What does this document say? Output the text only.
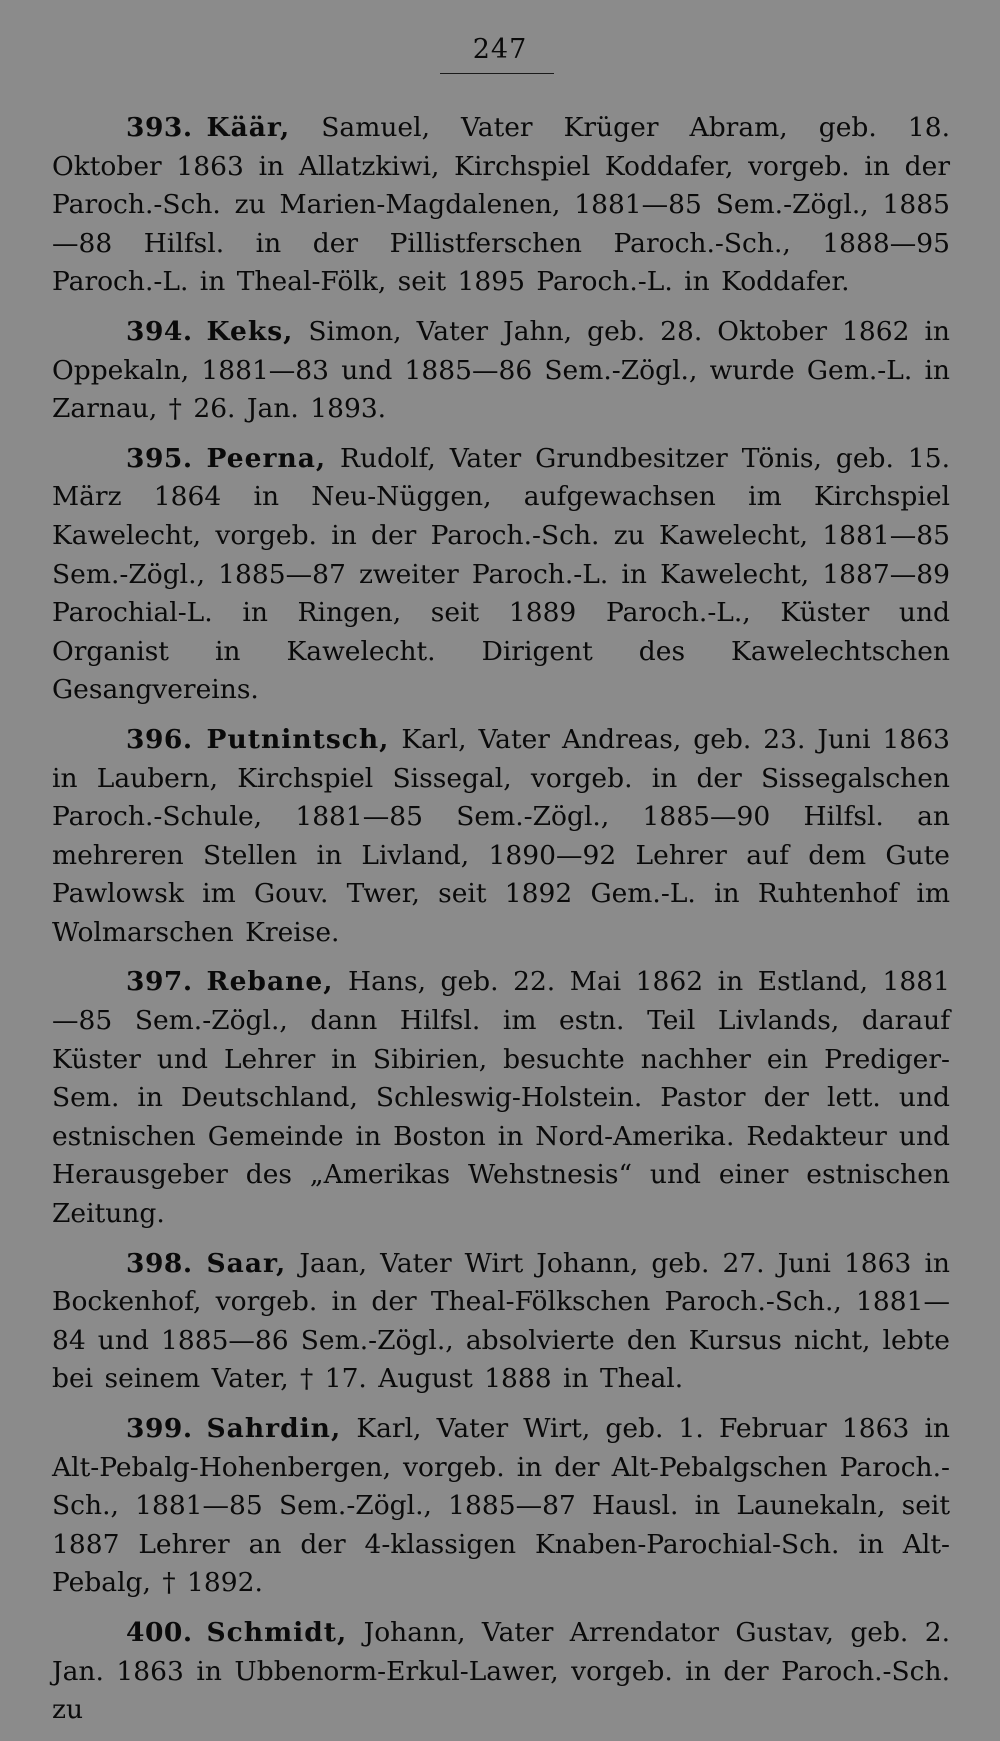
247

393. Käär, Samuel, Vater Krüger Abram, geb. 18. Oktober 1863 in Allatzkiwi, Kirchspiel Koddafer, vorgeb. in der Paroch.-Sch. zu Marien-Magdalenen, 1881—85 Sem.-Zögl., 1885—88 Hilfsl. in der Pillistferschen Paroch.-Sch., 1888—95 Paroch.-L. in Theal-Fölk, seit 1895 Paroch.-L. in Koddafer.

394. Keks, Simon, Vater Jahn, geb. 28. Oktober 1862 in Oppekaln, 1881—83 und 1885—86 Sem.-Zögl., wurde Gem.-L. in Zarnau, † 26. Jan. 1893.

395. Peerna, Rudolf, Vater Grundbesitzer Tönis, geb. 15. März 1864 in Neu-Nüggen, aufgewachsen im Kirchspiel Kawelecht, vorgeb. in der Paroch.-Sch. zu Kawelecht, 1881—85 Sem.-Zögl., 1885—87 zweiter Paroch.-L. in Kawelecht, 1887—89 Parochial-L. in Ringen, seit 1889 Paroch.-L., Küster und Organist in Kawelecht. Dirigent des Kawelechtschen Gesangvereins.

396. Putnintsch, Karl, Vater Andreas, geb. 23. Juni 1863 in Laubern, Kirchspiel Sissegal, vorgeb. in der Sissegalschen Paroch.-Schule, 1881—85 Sem.-Zögl., 1885—90 Hilfsl. an mehreren Stellen in Livland, 1890—92 Lehrer auf dem Gute Pawlowsk im Gouv. Twer, seit 1892 Gem.-L. in Ruhtenhof im Wolmarschen Kreise.

397. Rebane, Hans, geb. 22. Mai 1862 in Estland, 1881—85 Sem.-Zögl., dann Hilfsl. im estn. Teil Livlands, darauf Küster und Lehrer in Sibirien, besuchte nachher ein Prediger-Sem. in Deutschland, Schleswig-Holstein. Pastor der lett. und estnischen Gemeinde in Boston in Nord-Amerika. Redakteur und Herausgeber des „Amerikas Wehstnesis“ und einer estnischen Zeitung.

398. Saar, Jaan, Vater Wirt Johann, geb. 27. Juni 1863 in Bockenhof, vorgeb. in der Theal-Fölkschen Paroch.-Sch., 1881—84 und 1885—86 Sem.-Zögl., absolvierte den Kursus nicht, lebte bei seinem Vater, † 17. August 1888 in Theal.

399. Sahrdin, Karl, Vater Wirt, geb. 1. Februar 1863 in Alt-Pebalg-Hohenbergen, vorgeb. in der Alt-Pebalgschen Paroch.-Sch., 1881—85 Sem.-Zögl., 1885—87 Hausl. in Launekaln, seit 1887 Lehrer an der 4-klassigen Knaben-Parochial-Sch. in Alt-Pebalg, † 1892.

400. Schmidt, Johann, Vater Arrendator Gustav, geb. 2. Jan. 1863 in Ubbenorm-Erkul-Lawer, vorgeb. in der Paroch.-Sch. zu
